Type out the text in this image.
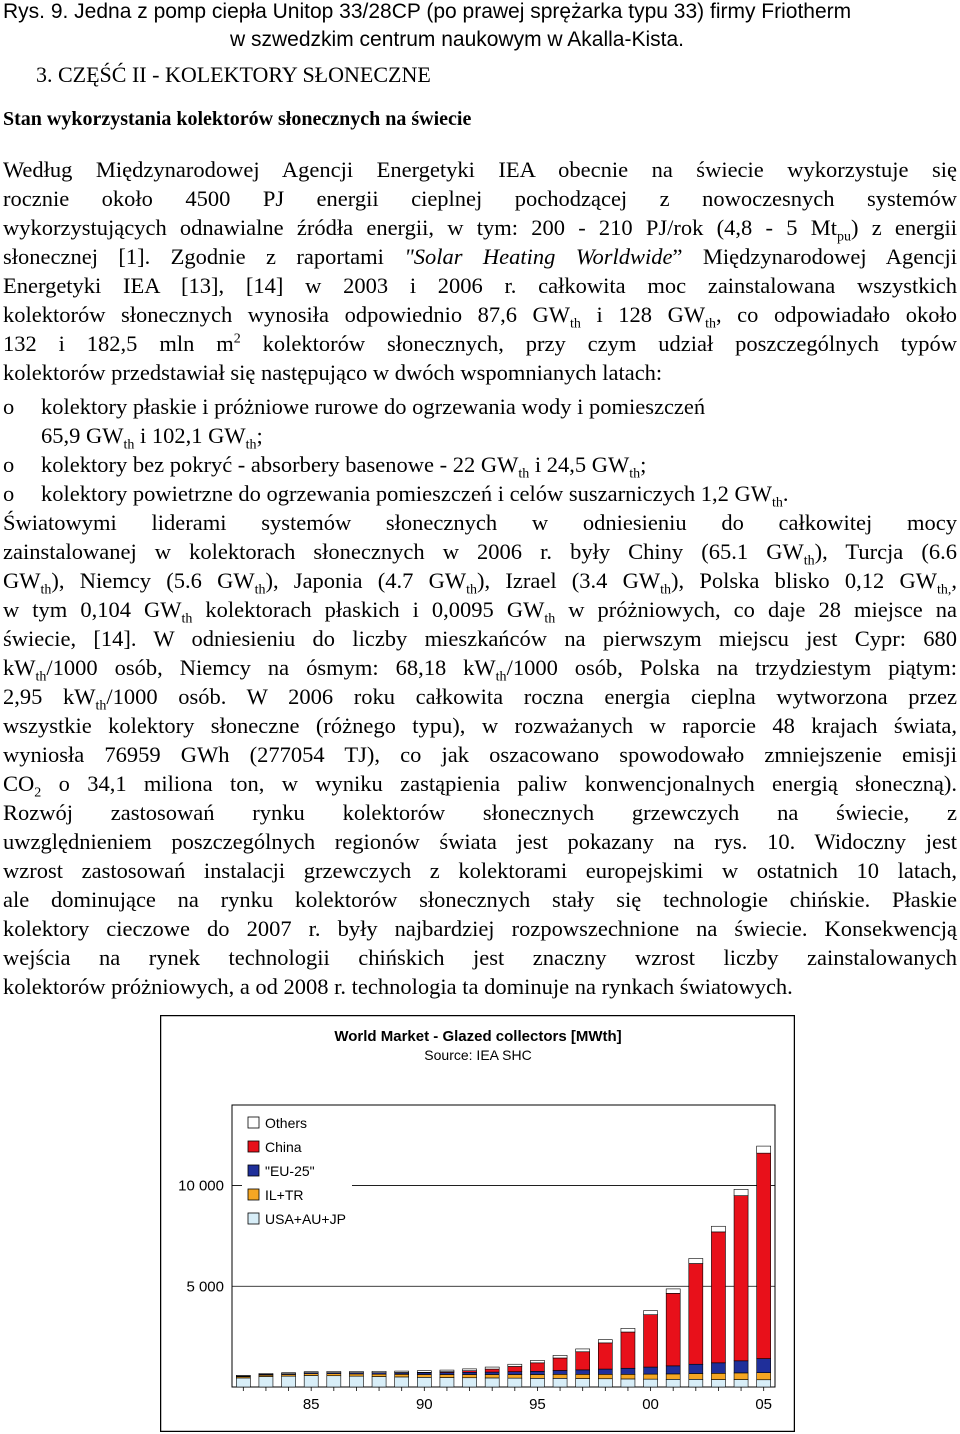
Rys. 9. Jedna z pomp ciepła Unitop 33/28CP (po prawej sprężarka typu 33) firmy Friotherm
w szwedzkim centrum naukowym w Akalla-Kista.
3. CZĘŚĆ II - KOLEKTORY SŁONECZNE
Stan wykorzystania kolektorów słonecznych na świecie
Według Międzynarodowej Agencji Energetyki IEA obecnie na świecie wykorzystuje się
rocznie około 4500 PJ energii cieplnej pochodzącej z nowoczesnych systemów
wykorzystujących odnawialne źródła energii, w tym: 200 - 210 PJ/rok (4,8 - 5 $Mt_{pu}$) z energii
słonecznej [1]. Zgodnie z raportami "Solar Heating Worldwide” Międzynarodowej Agencji
Energetyki IEA [13], [14] w 2003 i 2006 r. całkowita moc zainstalowana wszystkich
kolektorów słonecznych wynosiła odpowiednio 87,6 $GW_{th}$ i 128 $GW_{th}$, co odpowiadało około
132 i 182,5 mln $m^2$ kolektorów słonecznych, przy czym udział poszczególnych typów
kolektorów przedstawiał się następująco w dwóch wspomnianych latach:
o kolektory płaskie i próżniowe rurowe do ogrzewania wody i pomieszczeń
65,9 $GW_{th}$ i 102,1 $GW_{th}$;
o kolektory bez pokryć - absorbery basenowe - 22 $GW_{th}$ i 24,5 $GW_{th}$;
o kolektory powietrzne do ogrzewania pomieszczeń i celów suszarniczych 1,2 $GW_{th}$.
Światowymi liderami systemów słonecznych w odniesieniu do całkowitej mocy
zainstalowanej w kolektorach słonecznych w 2006 r. były Chiny (65.1 $GW_{th}$), Turcja (6.6
$GW_{th}$), Niemcy (5.6 $GW_{th}$), Japonia (4.7 $GW_{th}$), Izrael (3.4 $GW_{th}$), Polska blisko 0,12 $GW_{th,}$,
w tym 0,104 $GW_{th}$ kolektorach płaskich i 0,0095 $GW_{th}$ w próżniowych, co daje 28 miejsce na
świecie, [14]. W odniesieniu do liczby mieszkańców na pierwszym miejscu jest Cypr: 680
$kW_{th}/1000$ osób, Niemcy na ósmym: 68,18 $kW_{th}/1000$ osób, Polska na trzydziestym piątym:
2,95 $kW_{th}/1000$ osób. W 2006 roku całkowita roczna energia cieplna wytworzona przez
wszystkie kolektory słoneczne (różnego typu), w rozważanych w raporcie 48 krajach świata,
wyniosła 76959 GWh (277054 TJ), co jak oszacowano spowodowało zmniejszenie emisji
$CO_2$ o 34,1 miliona ton, w wyniku zastąpienia paliw konwencjonalnych energią słoneczną).
Rozwój zastosowań rynku kolektorów słonecznych grzewczych na świecie, z
uwzględnieniem poszczególnych regionów świata jest pokazany na rys. 10. Widoczny jest
wzrost zastosowań instalacji grzewczych z kolektorami europejskimi w ostatnich 10 latach,
ale dominujące na rynku kolektorów słonecznych stały się technologie chińskie. Płaskie
kolektory cieczowe do 2007 r. były najbardziej rozpowszechnione na świecie. Konsekwencją
wejścia na rynek technologii chińskich jest znaczny wzrost liczby zainstalowanych
kolektorów próżniowych, a od 2008 r. technologia ta dominuje na rynkach światowych.
World Market - Glazed collectors [MWth]
Source: IEA SHC
5 000
10 000
85	90	95	00	05
Others
China
"EU-25"
IL+TR
USA+AU+JP
